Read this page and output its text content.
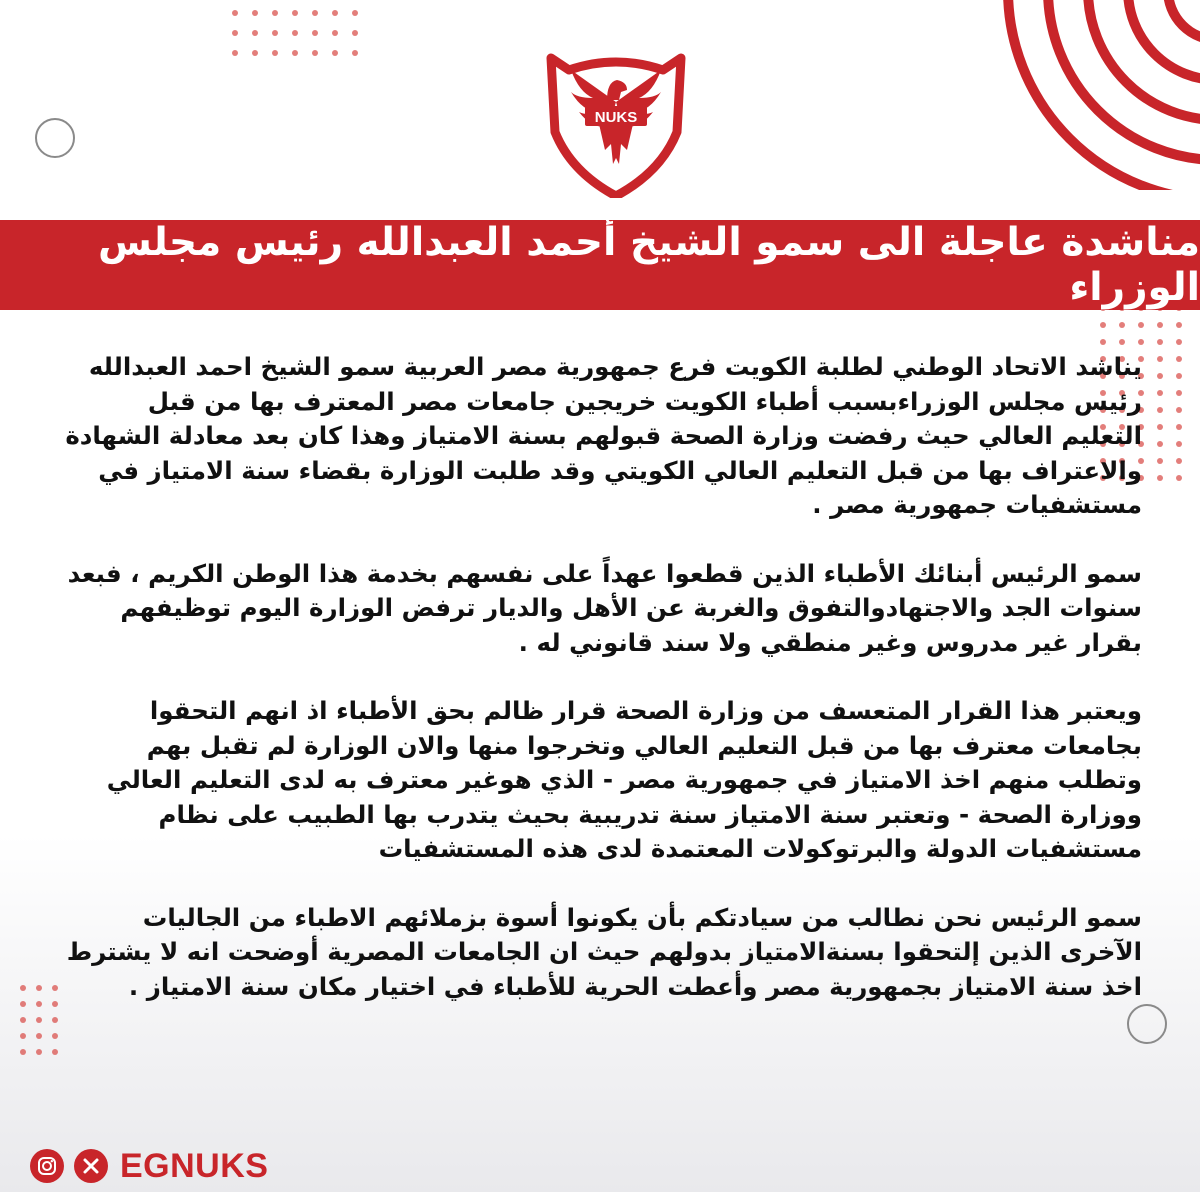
NUKS
مناشدة عاجلة الى سمو الشيخ أحمد العبدالله رئيس مجلس الوزراء

يناشد الاتحاد الوطني لطلبة الكويت فرع جمهورية مصر العربية سمو الشيخ احمد العبدالله رئيس مجلس الوزراءبسبب أطباء الكويت خريجين جامعات مصر المعترف بها من قبل التعليم العالي حيث رفضت وزارة الصحة قبولهم بسنة الامتياز وهذا كان بعد معادلة الشهادة والاعتراف بها من قبل التعليم العالي الكويتي وقد طلبت الوزارة بقضاء سنة الامتياز في مستشفيات جمهورية مصر .

سمو الرئيس أبنائك الأطباء الذين قطعوا عهداً على نفسهم بخدمة هذا الوطن الكريم ، فبعد سنوات الجد والاجتهادوالتفوق والغربة عن الأهل والديار ترفض الوزارة اليوم توظيفهم بقرار غير مدروس وغير منطقي ولا سند قانوني له .

ويعتبر هذا القرار المتعسف من وزارة الصحة قرار ظالم بحق الأطباء اذ انهم التحقوا بجامعات معترف بها من قبل التعليم العالي وتخرجوا منها والان الوزارة لم تقبل بهم وتطلب منهم اخذ الامتياز في جمهورية مصر - الذي هوغير معترف به لدى التعليم العالي ووزارة الصحة - وتعتبر سنة الامتياز سنة تدريبية بحيث يتدرب بها الطبيب على نظام مستشفيات الدولة والبرتوكولات المعتمدة لدى هذه المستشفيات

سمو الرئيس نحن نطالب من سيادتكم بأن يكونوا أسوة بزملائهم الاطباء من الجاليات الآخرى الذين إلتحقوا بسنةالامتياز بدولهم حيث ان الجامعات المصرية أوضحت انه لا يشترط اخذ سنة الامتياز بجمهورية مصر وأعطت الحرية للأطباء في اختيار مكان سنة الامتياز .

EGNUKS
